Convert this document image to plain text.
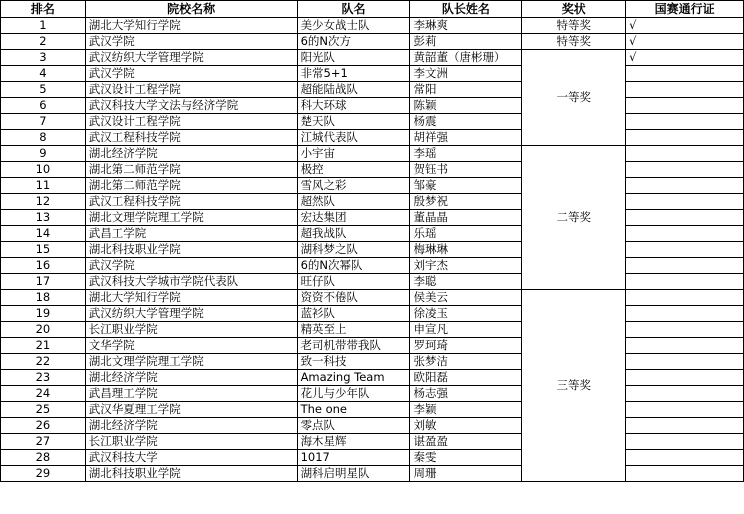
排名	院校名称	队名	队长姓名	奖状	国赛通行证
1	湖北大学知行学院	美少女战士队	李琳爽	特等奖	√
2	武汉学院	6的N次方	彭莉	特等奖	√
3	武汉纺织大学管理学院	阳光队	黄韶董（唐彬珊）	一等奖	√
4	武汉学院	非常5+1	李文洲		
5	武汉设计工程学院	超能陆战队	常阳		
6	武汉科技大学文法与经济学院	科大环球	陈颖		
7	武汉设计工程学院	楚天队	杨震		
8	武汉工程科技学院	江城代表队	胡祥强		
9	湖北经济学院	小宇宙	李瑶	二等奖	
10	湖北第二师范学院	极控	贺钰书		
11	湖北第二师范学院	雪风之彩	邹豪		
12	武汉工程科技学院	超然队	殷梦祝		
13	湖北文理学院理工学院	宏达集团	董晶晶		
14	武昌工学院	超我战队	乐瑶		
15	湖北科技职业学院	湖科梦之队	梅琳琳		
16	武汉学院	6的N次幂队	刘宇杰		
17	武汉科技大学城市学院代表队	旺仔队	李聪		
18	湖北大学知行学院	资资不倦队	侯美云	三等奖	
19	武汉纺织大学管理学院	蓝衫队	徐凌玉		
20	长江职业学院	精英至上	申宣凡		
21	文华学院	老司机带带我队	罗珂琦		
22	湖北文理学院理工学院	致一科技	张梦洁		
23	湖北经济学院	Amazing Team	欧阳磊		
24	武昌理工学院	花儿与少年队	杨志强		
25	武汉华夏理工学院	The one	李颖		
26	湖北经济学院	零点队	刘敏		
27	长江职业学院	海木星辉	谌盈盈		
28	武汉科技大学	1017	秦雯		
29	湖北科技职业学院	湖科启明星队	周珊		
